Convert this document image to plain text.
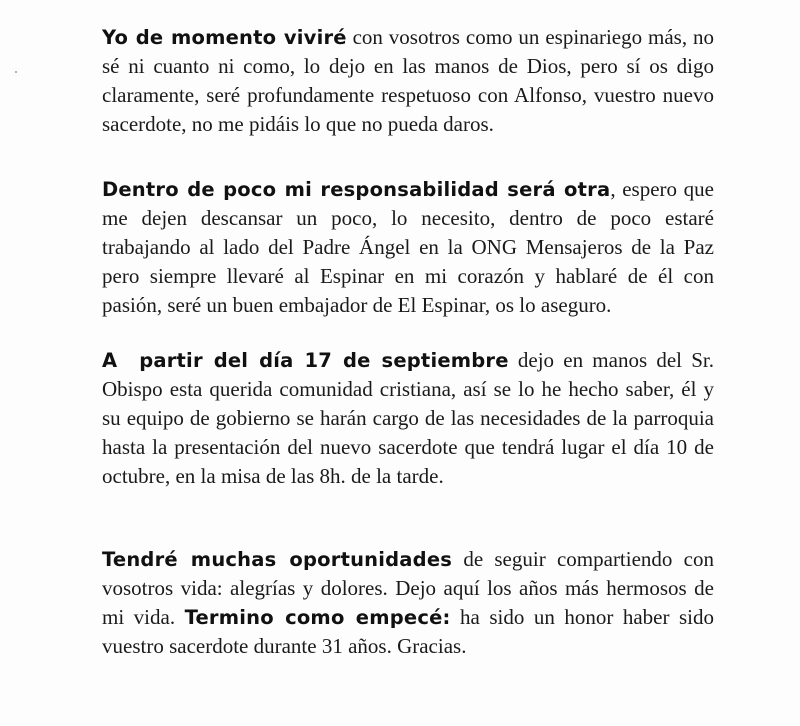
Yo de momento viviré con vosotros como un espinariego más, no sé ni cuanto ni como, lo dejo en las manos de Dios, pero sí os digo claramente, seré profundamente respetuoso con Alfonso, vuestro nuevo sacerdote, no me pidáis lo que no pueda daros.

Dentro de poco mi responsabilidad será otra, espero que me dejen descansar un poco, lo necesito, dentro de poco estaré trabajando al lado del Padre Ángel en la ONG Mensajeros de la Paz pero siempre llevaré al Espinar en mi corazón y hablaré de él con pasión, seré un buen embajador de El Espinar, os lo aseguro.

A  partir del día 17 de septiembre dejo en manos del Sr. Obispo esta querida comunidad cristiana, así se lo he hecho saber, él y su equipo de gobierno se harán cargo de las necesidades de la parroquia hasta la presentación del nuevo sacerdote que tendrá lugar el día 10 de octubre, en la misa de las 8h. de la tarde.

Tendré muchas oportunidades de seguir compartiendo con vosotros vida: alegrías y dolores. Dejo aquí los años más hermosos de mi vida. Termino como empecé: ha sido un honor haber sido vuestro sacerdote durante 31 años. Gracias.
